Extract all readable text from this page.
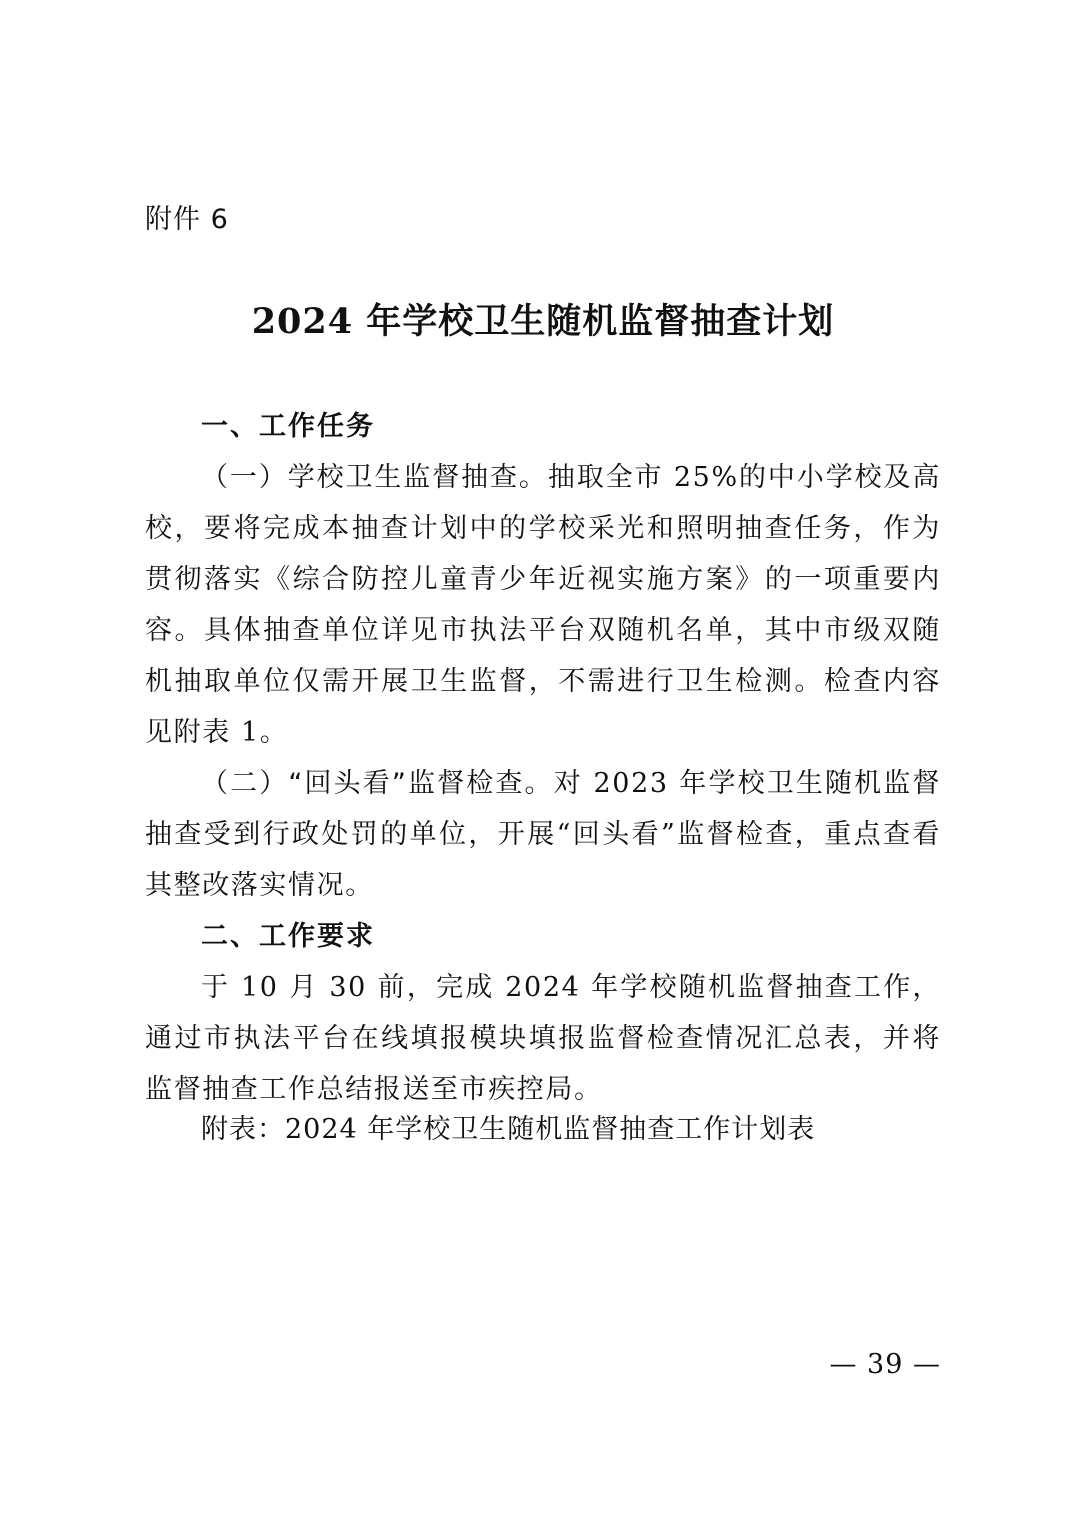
附件 6
2024 年学校卫生随机监督抽查计划

一、工作任务

（一）学校卫生监督抽查。抽取全市 25%的中小学校及高校，要将完成本抽查计划中的学校采光和照明抽查任务，作为贯彻落实《综合防控儿童青少年近视实施方案》的一项重要内容。具体抽查单位详见市执法平台双随机名单，其中市级双随机抽取单位仅需开展卫生监督，不需进行卫生检测。检查内容见附表 1。

（二）“回头看”监督检查。对 2023 年学校卫生随机监督抽查受到行政处罚的单位，开展“回头看”监督检查，重点查看其整改落实情况。

二、工作要求

于 10 月 30 前，完成 2024 年学校随机监督抽查工作，通过市执法平台在线填报模块填报监督检查情况汇总表，并将监督抽查工作总结报送至市疾控局。

附表：2024 年学校卫生随机监督抽查工作计划表
— 39 —
